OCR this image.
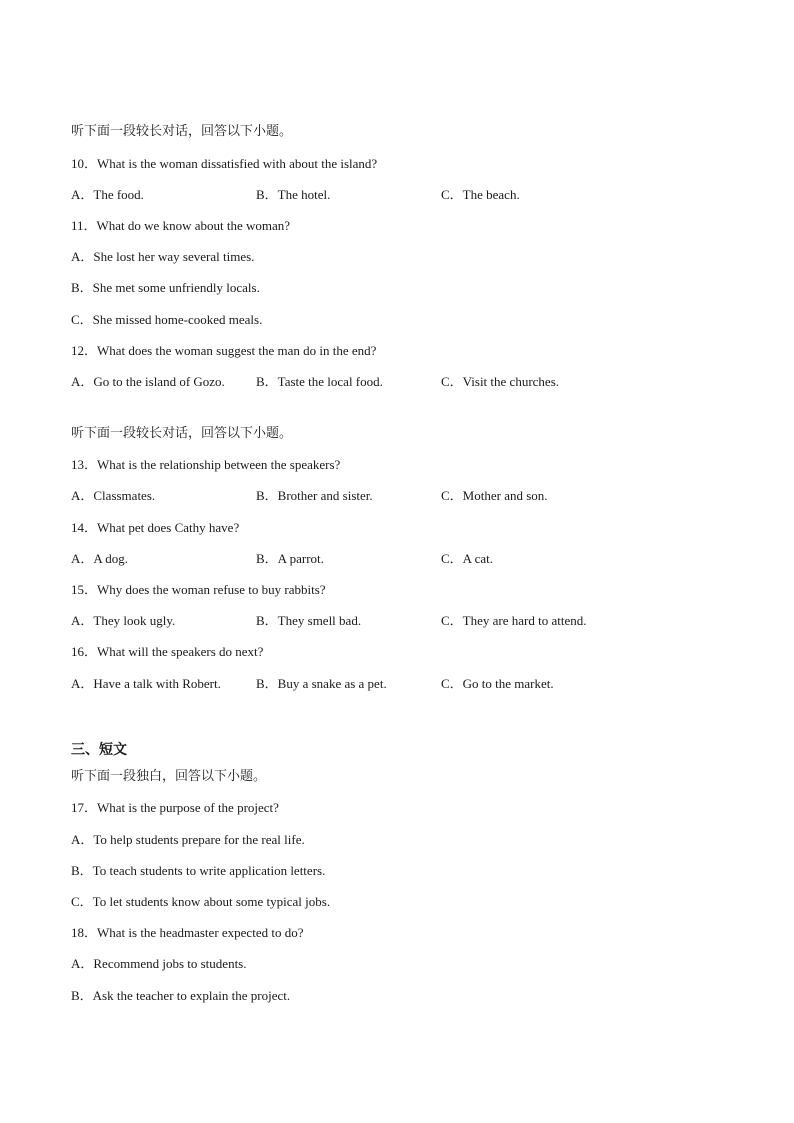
听下面一段较长对话，回答以下小题。
10．What is the woman dissatisfied with about the island?
A．The food.	B．The hotel.	C．The beach.
11．What do we know about the woman?
A．She lost her way several times.
B．She met some unfriendly locals.
C．She missed home-cooked meals.
12．What does the woman suggest the man do in the end?
A．Go to the island of Gozo. B．Taste the local food.	C．Visit the churches.
听下面一段较长对话，回答以下小题。
13．What is the relationship between the speakers?
A．Classmates.	B．Brother and sister.	C．Mother and son.
14．What pet does Cathy have?
A．A dog.	B．A parrot.	C．A cat.
15．Why does the woman refuse to buy rabbits?
A．They look ugly.	B．They smell bad.	C．They are hard to attend.
16．What will the speakers do next?
A．Have a talk with Robert.	B．Buy a snake as a pet.	C．Go to the market.
三、短文
听下面一段独白，回答以下小题。
17．What is the purpose of the project?
A．To help students prepare for the real life.
B．To teach students to write application letters.
C．To let students know about some typical jobs.
18．What is the headmaster expected to do?
A．Recommend jobs to students.
B．Ask the teacher to explain the project.
